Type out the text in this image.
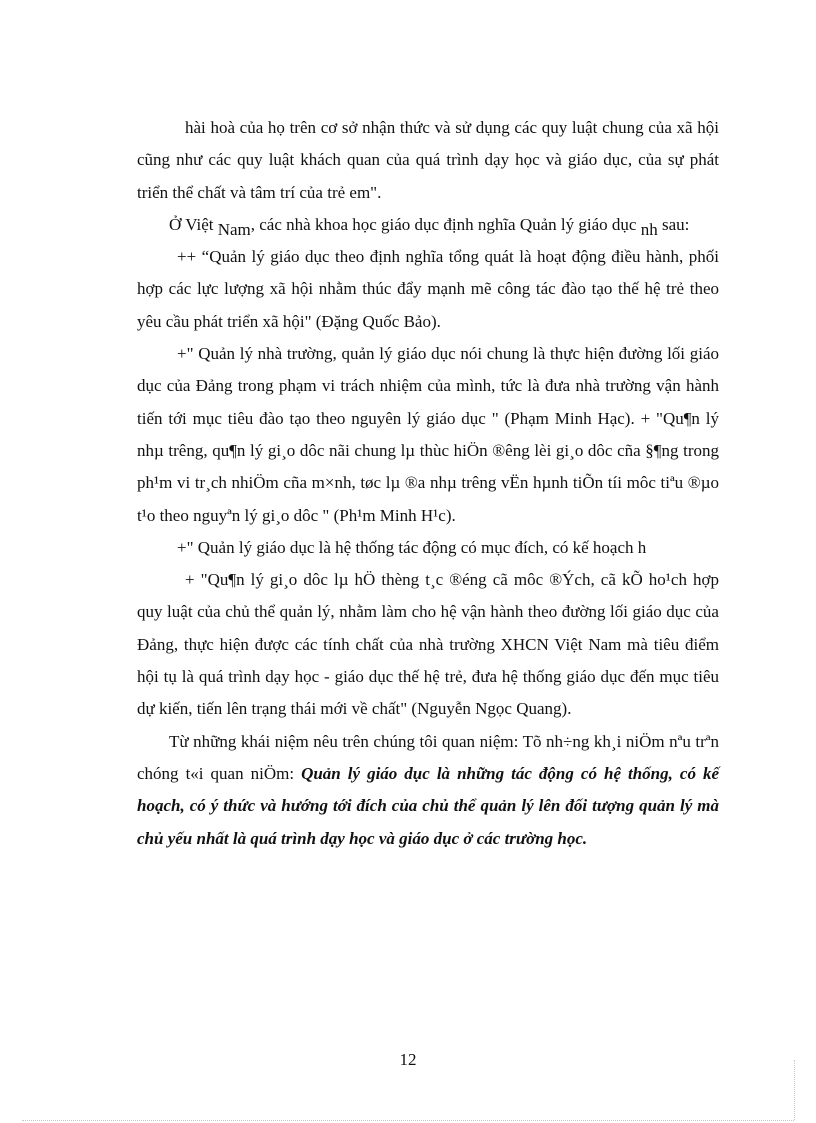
hài hoà của họ trên cơ sở nhận thức và sử dụng các quy luật chung của xã hội cũng như các quy luật khách quan của quá trình dạy học và giáo dục, của sự phát triển thể chất và tâm trí của trẻ em".

Ở Việt Nam, các nhà khoa học giáo dục định nghĩa Quản lý giáo dục nh sau:

++ “Quản lý giáo dục theo định nghĩa tổng quát là hoạt động điều hành, phối hợp các lực lượng xã hội nhằm thúc đẩy mạnh mẽ công tác đào tạo thế hệ trẻ theo yêu cầu phát triển xã hội" (Đặng Quốc Bảo).

+" Quản lý nhà trường, quản lý giáo dục nói chung là thực hiện đường lối giáo dục của Đảng trong phạm vi trách nhiệm của mình, tức là đưa nhà trường vận hành tiến tới mục tiêu đào tạo theo nguyên lý giáo dục " (Phạm Minh Hạc). + "Qu¶n lý nhµ trêng, qu¶n lý gi¸o dôc nãi chung lµ thùc hiÖn ®êng lèi gi¸o dôc cña §¶ng trong ph¹m vi tr¸ch nhiÖm cña m×nh, tøc lµ ®a nhµ trêng vËn hµnh tiÕn tíi môc tiªu ®µo t¹o theo nguyªn lý gi¸o dôc " (Ph¹m Minh H¹c).

+" Quản lý giáo dục là hệ thống tác động có mục đích, có kế hoạch h

+ "Qu¶n lý gi¸o dôc lµ hÖ thèng t¸c ®éng cã môc ®Ých, cã kÕ ho¹ch hợp quy luật của chủ thể quản lý, nhằm làm cho hệ vận hành theo đường lối giáo dục của Đảng, thực hiện được các tính chất của nhà trường XHCN Việt Nam mà tiêu điểm hội tụ là quá trình dạy học - giáo dục thế hệ trẻ, đưa hệ thống giáo dục đến mục tiêu dự kiến, tiến lên trạng thái mới về chất" (Nguyễn Ngọc Quang).

Từ những khái niệm nêu trên chúng tôi quan niệm: Tõ nh÷ng kh¸i niÖm nªu trªn chóng t«i quan niÖm: Quản lý giáo dục là những tác động có hệ thống, có kế hoạch, có ý thức và hướng tới đích của chủ thể quản lý lên đối tượng quản lý mà chủ yếu nhất là quá trình dạy học và giáo dục ở các trường học.

12
